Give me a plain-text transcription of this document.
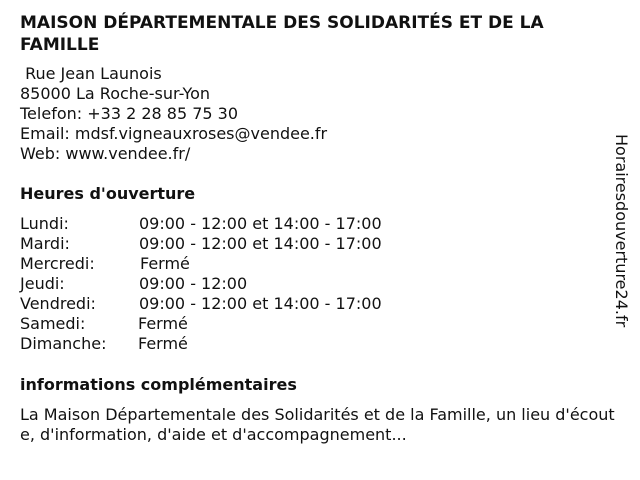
MAISON DÉPARTEMENTALE DES SOLIDARITÉS ET DE LA FAMILLE
Rue Jean Launois
85000 La Roche-sur-Yon
Telefon: +33 2 28 85 75 30
Email: mdsf.vigneauxroses@vendee.fr
Web: www.vendee.fr/
Heures d'ouverture
Lundi:	09:00 - 12:00 et 14:00 - 17:00
Mardi:	09:00 - 12:00 et 14:00 - 17:00
Mercredi:	Fermé
Jeudi:	09:00 - 12:00
Vendredi:	09:00 - 12:00 et 14:00 - 17:00
Samedi:	Fermé
Dimanche: Fermé
informations complémentaires
La Maison Départementale des Solidarités et de la Famille, un lieu d'écoute, d'information, d'aide et d'accompagnement...
Horairesdouverture24.fr
